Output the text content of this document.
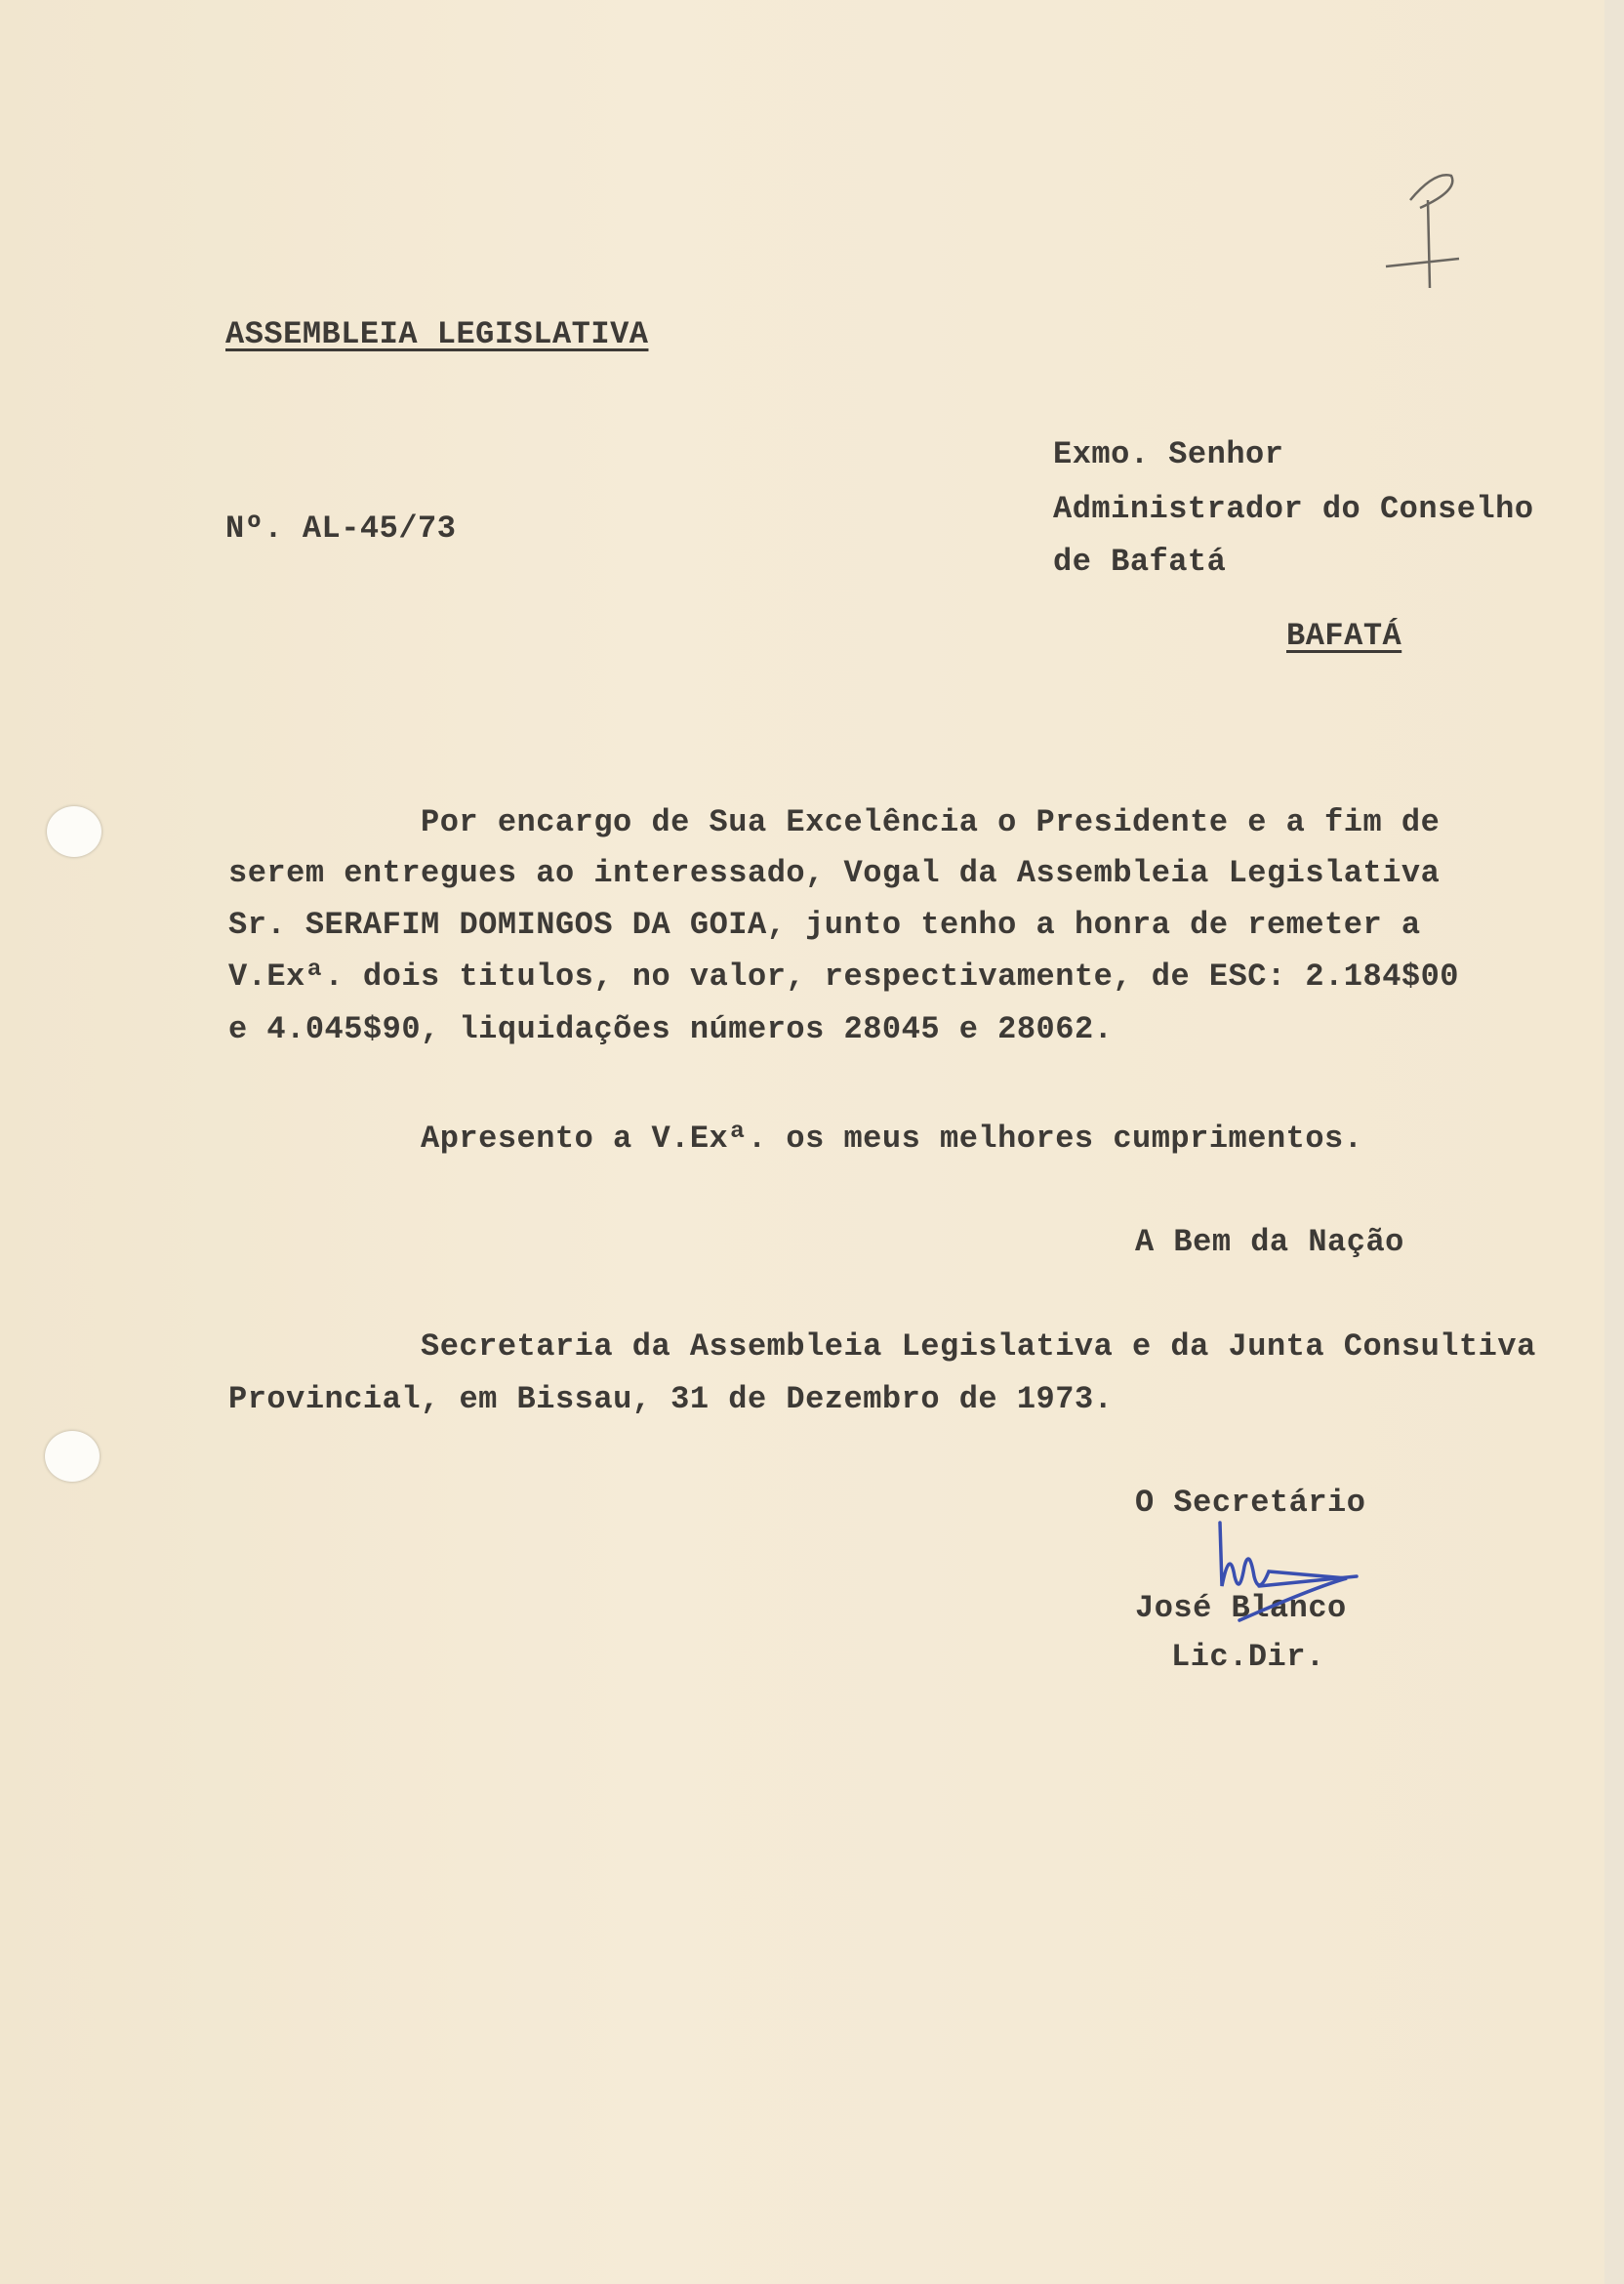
ASSEMBLEIA LEGISLATIVA
Nº. AL-45/73
Exmo. Senhor
Administrador do Conselho
de Bafatá
BAFATÁ
Por encargo de Sua Excelência o Presidente e a fim de
serem entregues ao interessado, Vogal da Assembleia Legislativa
Sr. SERAFIM DOMINGOS DA GOIA, junto tenho a honra de remeter a
V.Exª. dois titulos, no valor, respectivamente, de ESC: 2.184$00
e 4.045$90, liquidações números 28045 e 28062.
Apresento a V.Exª. os meus melhores cumprimentos.
A Bem da Nação
Secretaria da Assembleia Legislativa e da Junta Consultiva
Provincial, em Bissau, 31 de Dezembro de 1973.
O Secretário
José Blanco
Lic.Dir.
